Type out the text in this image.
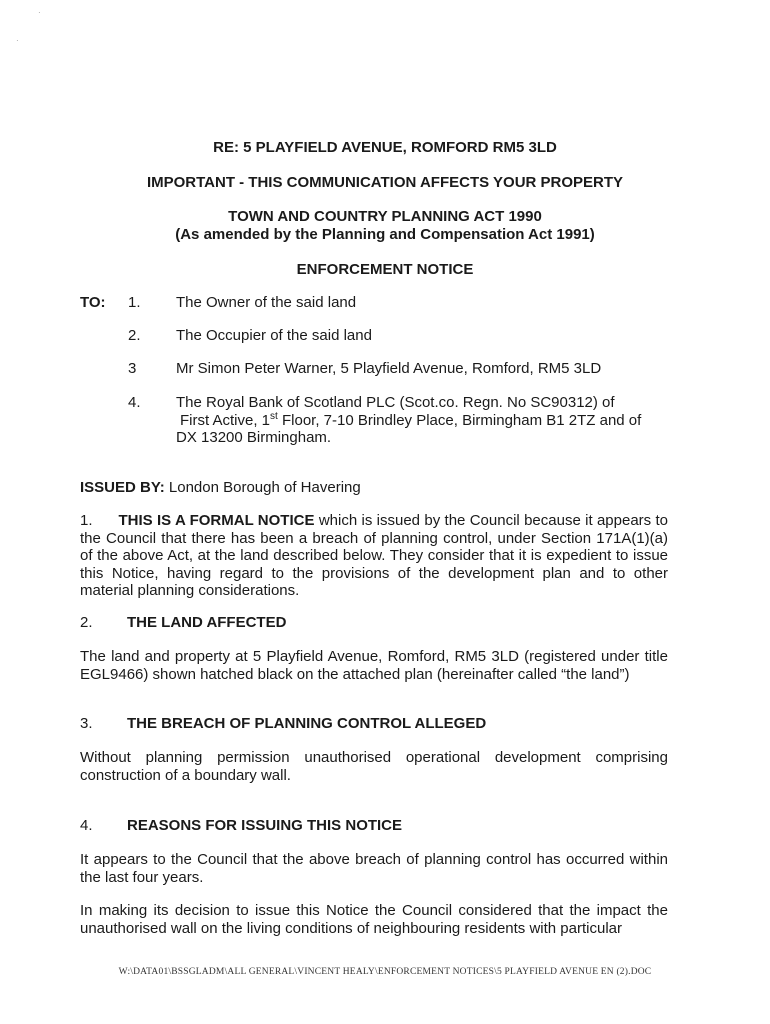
·
·
RE: 5 PLAYFIELD AVENUE, ROMFORD RM5 3LD
IMPORTANT - THIS COMMUNICATION AFFECTS YOUR PROPERTY
TOWN AND COUNTRY PLANNING ACT 1990
(As amended by the Planning and Compensation Act 1991)
ENFORCEMENT NOTICE
TO: 1. The Owner of the said land
2. The Occupier of the said land
3	Mr Simon Peter Warner, 5 Playfield Avenue, Romford, RM5 3LD
4. The Royal Bank of Scotland PLC (Scot.co. Regn. No SC90312) of
First Active, 1st Floor, 7-10 Brindley Place, Birmingham B1 2TZ and of
DX 13200 Birmingham.
ISSUED BY: London Borough of Havering
1. THIS IS A FORMAL NOTICE which is issued by the Council because it appears to the Council that there has been a breach of planning control, under Section 171A(1)(a) of the above Act, at the land described below. They consider that it is expedient to issue this Notice, having regard to the provisions of the development plan and to other material planning considerations.
2. THE LAND AFFECTED
The land and property at 5 Playfield Avenue, Romford, RM5 3LD (registered under title EGL9466) shown hatched black on the attached plan (hereinafter called “the land”)
3. THE BREACH OF PLANNING CONTROL ALLEGED
Without planning permission unauthorised operational development comprising construction of a boundary wall.
4. REASONS FOR ISSUING THIS NOTICE
It appears to the Council that the above breach of planning control has occurred within the last four years.
In making its decision to issue this Notice the Council considered that the impact the unauthorised wall on the living conditions of neighbouring residents with particular
W:\DATA01\BSSGLADM\ALL GENERAL\VINCENT HEALY\ENFORCEMENT NOTICES\5 PLAYFIELD AVENUE EN (2).DOC
